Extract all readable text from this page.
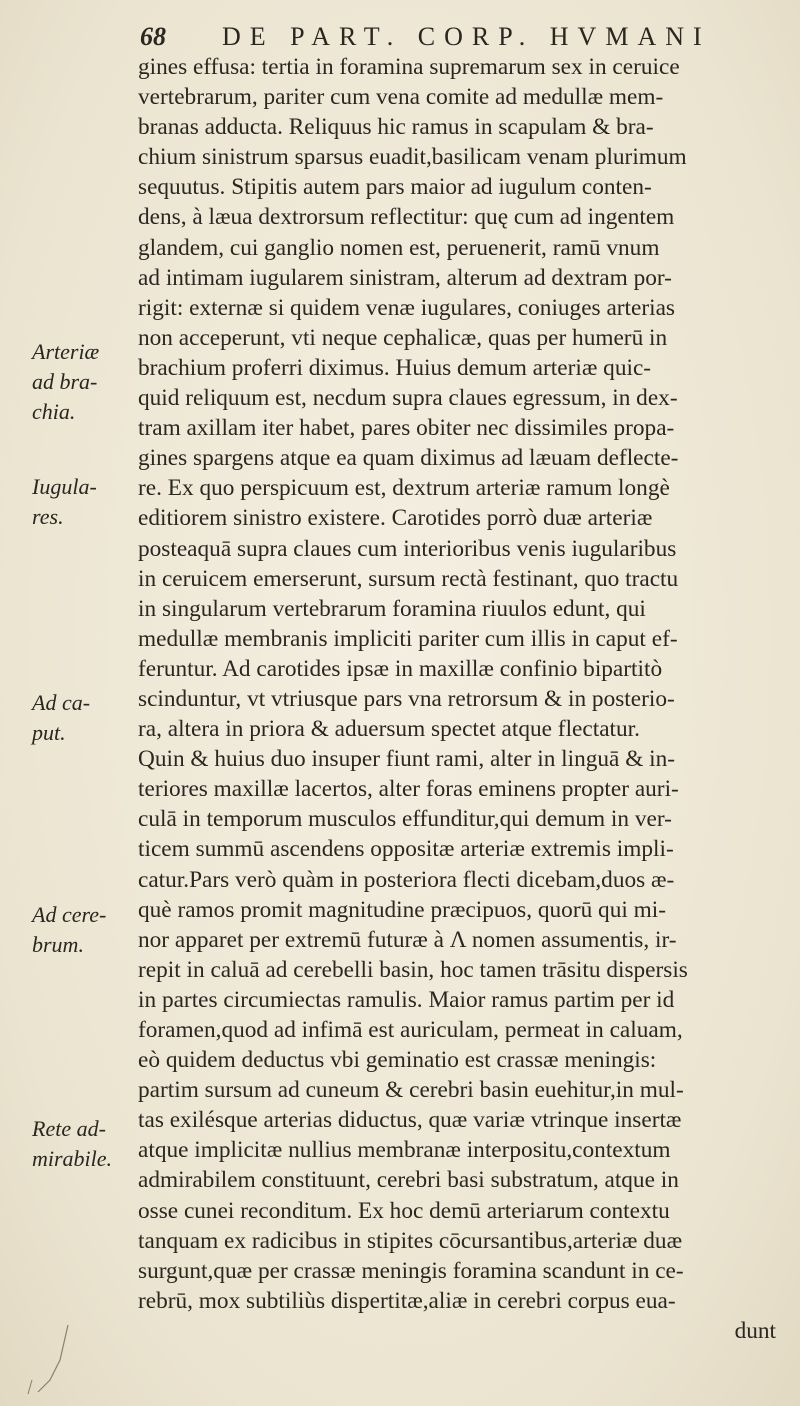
68 DE PART. CORP. HVMANI
gines effusa: tertia in foramina supremarum sex in ceruice
vertebrarum, pariter cum vena comite ad medullæ mem-
branas adducta. Reliquus hic ramus in scapulam & bra-
chium sinistrum sparsus euadit,basilicam venam plurimum
sequutus. Stipitis autem pars maior ad iugulum conten-
dens, à læua dextrorsum reflectitur: quę cum ad ingentem
glandem, cui ganglio nomen est, peruenerit, ramū vnum
ad intimam iugularem sinistram, alterum ad dextram por-
rigit: externæ si quidem venæ iugulares, coniuges arterias
non acceperunt, vti neque cephalicæ, quas per humerū in
brachium proferri diximus. Huius demum arteriæ quic-
quid reliquum est, necdum supra claues egressum, in dex-
tram axillam iter habet, pares obiter nec dissimiles propa-
gines spargens atque ea quam diximus ad læuam deflecte-
re. Ex quo perspicuum est, dextrum arteriæ ramum longè
editiorem sinistro existere. Carotides porrò duæ arteriæ
posteaquā supra claues cum interioribus venis iugularibus
in ceruicem emerserunt, sursum rectà festinant, quo tractu
in singularum vertebrarum foramina riuulos edunt, qui
medullæ membranis impliciti pariter cum illis in caput ef-
feruntur. Ad carotides ipsæ in maxillæ confinio bipartitò
scinduntur, vt vtriusque pars vna retrorsum & in posterio-
ra, altera in priora & aduersum spectet atque flectatur.
Quin & huius duo insuper fiunt rami, alter in linguā & in-
teriores maxillæ lacertos, alter foras eminens propter auri-
culā in temporum musculos effunditur,qui demum in ver-
ticem summū ascendens oppositæ arteriæ extremis impli-
catur.Pars verò quàm in posteriora flecti dicebam,duos æ-
què ramos promit magnitudine præcipuos, quorū qui mi-
nor apparet per extremū futuræ à Λ nomen assumentis, ir-
repit in caluā ad cerebelli basin, hoc tamen trāsitu dispersis
in partes circumiectas ramulis. Maior ramus partim per id
foramen,quod ad infimā est auriculam, permeat in caluam,
eò quidem deductus vbi geminatio est crassæ meningis:
partim sursum ad cuneum & cerebri basin euehitur,in mul-
tas exilésque arterias diductus, quæ variæ vtrinque insertæ
atque implicitæ nullius membranæ interpositu,contextum
admirabilem constituunt, cerebri basi substratum, atque in
osse cunei reconditum. Ex hoc demū arteriarum contextu
tanquam ex radicibus in stipites cōcursantibus,arteriæ duæ
surgunt,quæ per crassæ meningis foramina scandunt in ce-
rebrū, mox subtiliùs dispertitæ,aliæ in cerebri corpus eua-
dunt
Arteriæ
ad bra-
chia.
Iugula-
res.
Ad ca-
put.
Ad cere-
brum.
Rete ad-
mirabile.
